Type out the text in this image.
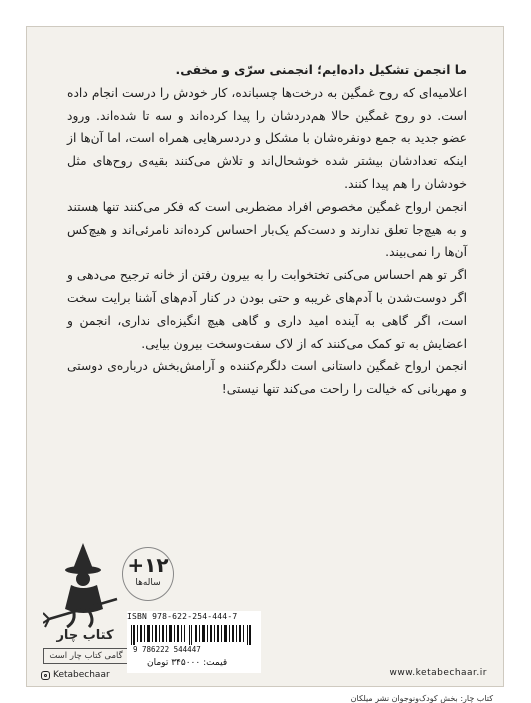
ما انجمن تشکیل داده‌ایم؛ انجمنی سرّی و مخفی.

اعلامیه‌ای که روح غمگین به درخت‌ها چسبانده، کار خودش را درست انجام داده است. دو روح غمگین حالا هم‌دردشان را پیدا کرده‌اند و سه تا شده‌اند. ورود عضو جدید به جمع دونفره‌شان با مشکل و دردسرهایی همراه است، اما آن‌ها از اینکه تعدادشان بیشتر شده خوشحال‌اند و تلاش می‌کنند بقیه‌ی روح‌های مثل خودشان را هم پیدا کنند.

انجمن ارواح غمگین مخصوص افراد مضطربی است که فکر می‌کنند تنها هستند و به هیچ‌جا تعلق ندارند و دست‌کم یک‌بار احساس کرده‌اند نامرئی‌اند و هیچ‌کس آن‌ها را نمی‌بیند.

اگر تو هم احساس می‌کنی تختخوابت را به بیرون رفتن از خانه ترجیح می‌دهی و اگر دوست‌شدن با آدم‌های غریبه و حتی بودن در کنار آدم‌های آشنا برایت سخت است، اگر گاهی به آینده امید داری و گاهی هیچ انگیزه‌ای نداری، انجمن و اعضایش به تو کمک می‌کنند که از لاک سفت‌وسخت بیرون بیایی.

انجمن ارواح غمگین داستانی است دلگرم‌کننده و آرامش‌بخش درباره‌ی دوستی و مهربانی که خیالت را راحت می‌کند تنها نیستی!

کتاب چار
گامی کتاب چار است
+۱۲
ساله‌ها
ISBN 978-622-254-444-7
9 786222 544447
قیمت: ۳۴۵۰۰۰ تومان
Ketabechaar	www.ketabechaar.ir
کتاب چار: بخش کودک‌ونوجوان نشر میلکان
